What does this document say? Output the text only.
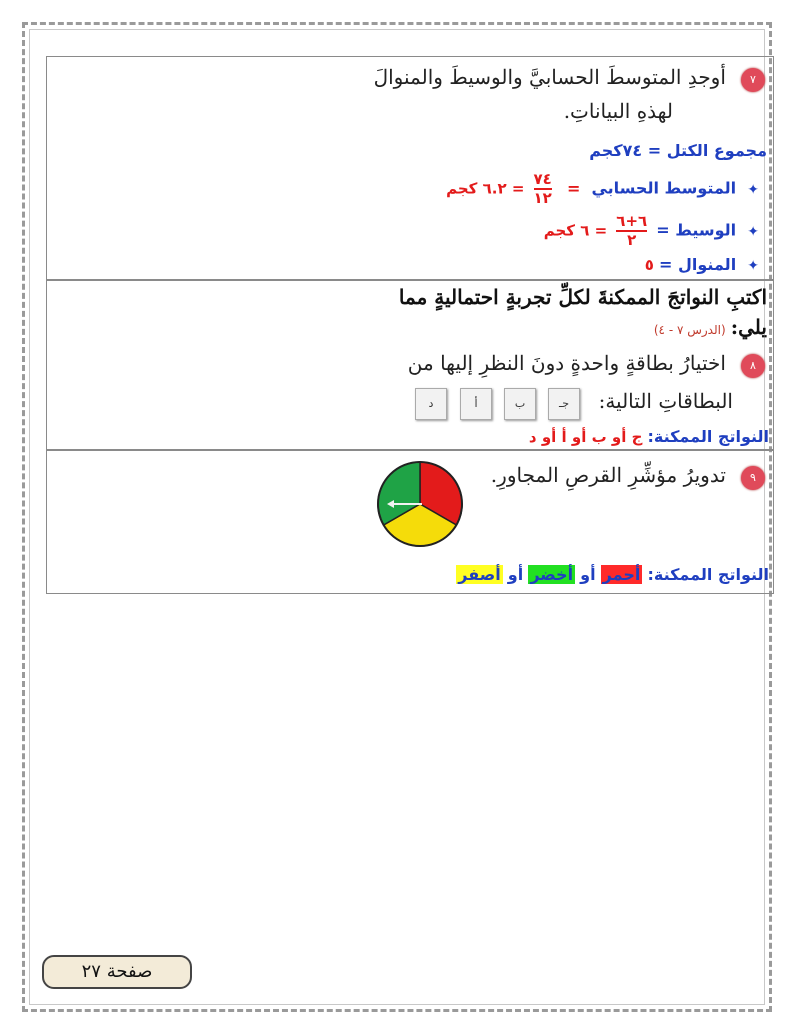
٧ أوجدِ المتوسطَ الحسابيَّ والوسيطَ والمنوالَ
لهذهِ البياناتِ.
مجموع الكتل = ٧٤كجم
✦ المتوسط الحسابي =
$\frac{٧٤}{١٢}$
= ٦.٢ كجم
✦ الوسيط =
$\frac{٦+٦}{٢}$
= ٦ كجم
✦ المنوال = ٥
اكتبِ النواتجَ الممكنةَ لكلِّ تجربةٍ احتماليةٍ مما
يلي: (الدرس ٧ - ٤)
٨ اختيارُ بطاقةٍ واحدةٍ دونَ النظرِ إليها من
البطاقاتِ التالية:
جـ
ب
أ
د
النواتج الممكنة: ج أو ب أو أ أو د
٩ تدويرُ مؤشِّرِ القرصِ المجاورِ.
النواتج الممكنة: أحمر أو أخضر أو أصفر
صفحة ٢٧
